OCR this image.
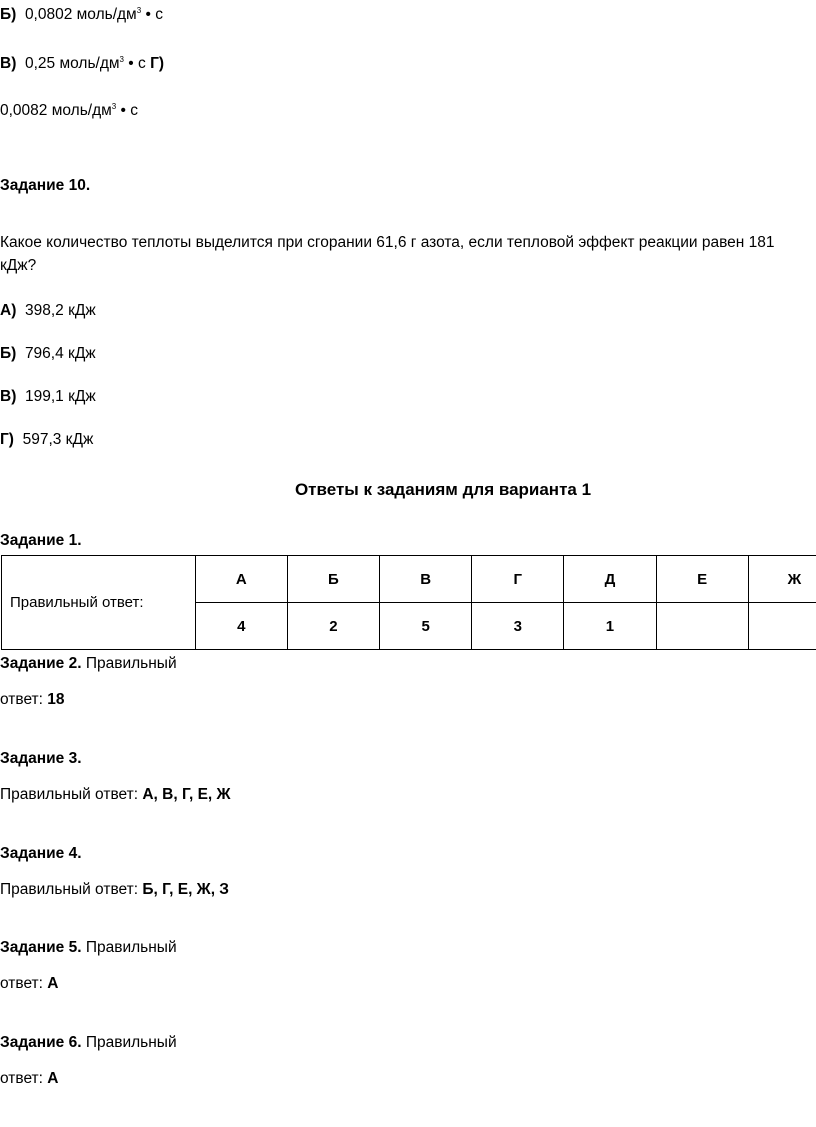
Б) 0,0802 моль/$дм^3$ • с
В) 0,25 моль/$дм^3$ • с Г)
0,0082 моль/$дм^3$ • с
Задание 10.
Какое количество теплоты выделится при сгорании 61,6 г азота, если тепловой эффект реакции равен 181
кДж?
А) 398,2 кДж
Б) 796,4 кДж
В) 199,1 кДж
Г) 597,3 кДж
Ответы к заданиям для варианта 1
Задание 1.
Правильный ответ:	А	Б	В	Г	Д	Е	Ж
	4	2	5	3	1		
Задание 2. Правильный
ответ: 18
Задание 3.
Правильный ответ: А, В, Г, Е, Ж
Задание 4.
Правильный ответ: Б, Г, Е, Ж, З
Задание 5. Правильный
ответ: А
Задание 6. Правильный
ответ: А
